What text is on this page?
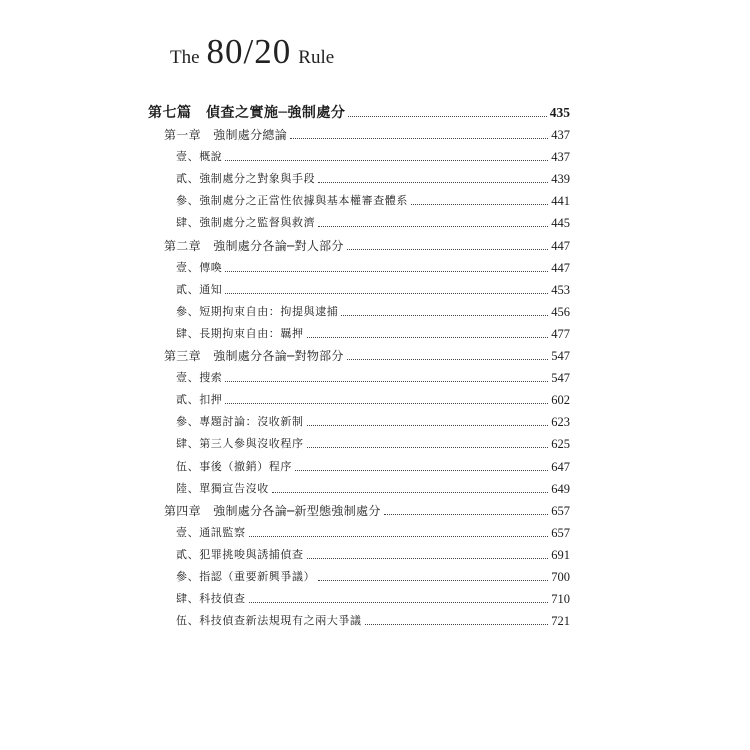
The 80/20 Rule
第七篇　偵查之實施─強制處分	435
第一章　強制處分總論	437
壹、概說	437
貳、強制處分之對象與手段	439
參、強制處分之正當性依據與基本權審查體系	441
肆、強制處分之監督與救濟	445
第二章　強制處分各論─對人部分	447
壹、傳喚	447
貳、通知	453
參、短期拘束自由：拘提與逮捕	456
肆、長期拘束自由：羈押	477
第三章　強制處分各論─對物部分	547
壹、搜索	547
貳、扣押	602
參、專題討論：沒收新制	623
肆、第三人參與沒收程序	625
伍、事後（撤銷）程序	647
陸、單獨宣告沒收	649
第四章　強制處分各論─新型態強制處分	657
壹、通訊監察	657
貳、犯罪挑唆與誘捕偵查	691
參、指認（重要新興爭議）	700
肆、科技偵查	710
伍、科技偵查新法規現有之兩大爭議	721
